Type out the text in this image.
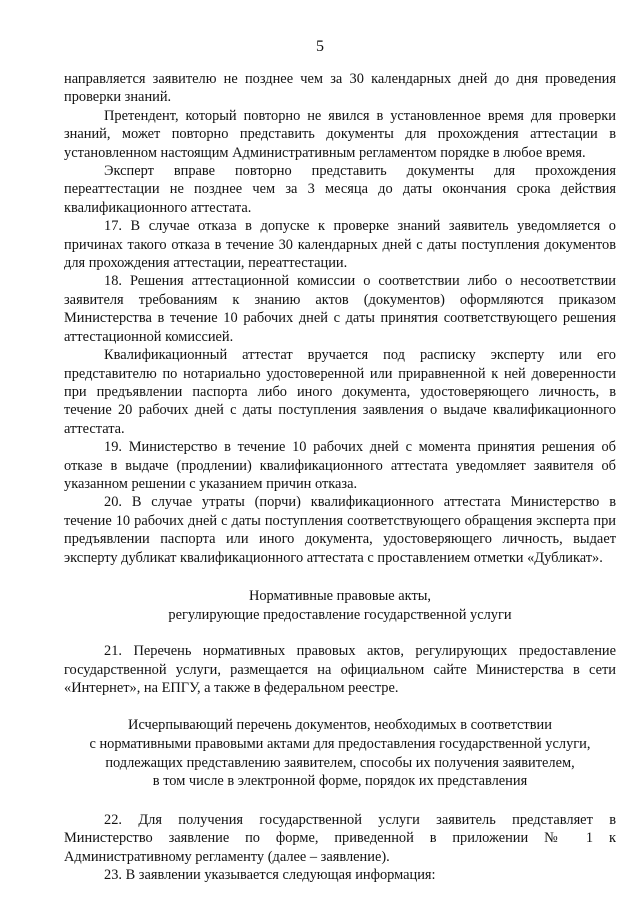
5

направляется заявителю не позднее чем за 30 календарных дней до дня проведения проверки знаний.

Претендент, который повторно не явился в установленное время для проверки знаний, может повторно представить документы для прохождения аттестации в установленном настоящим Административным регламентом порядке в любое время.

Эксперт вправе повторно представить документы для прохождения переаттестации не позднее чем за 3 месяца до даты окончания срока действия квалификационного аттестата.

17. В случае отказа в допуске к проверке знаний заявитель уведомляется о причинах такого отказа в течение 30 календарных дней с даты поступления документов для прохождения аттестации, переаттестации.

18. Решения аттестационной комиссии о соответствии либо о несоответствии заявителя требованиям к знанию актов (документов) оформляются приказом Министерства в течение 10 рабочих дней с даты принятия соответствующего решения аттестационной комиссией.

Квалификационный аттестат вручается под расписку эксперту или его представителю по нотариально удостоверенной или приравненной к ней доверенности при предъявлении паспорта либо иного документа, удостоверяющего личность, в течение 20 рабочих дней с даты поступления заявления о выдаче квалификационного аттестата.

19. Министерство в течение 10 рабочих дней с момента принятия решения об отказе в выдаче (продлении) квалификационного аттестата уведомляет заявителя об указанном решении с указанием причин отказа.

20. В случае утраты (порчи) квалификационного аттестата Министерство в течение 10 рабочих дней с даты поступления соответствующего обращения эксперта при предъявлении паспорта или иного документа, удостоверяющего личность, выдает эксперту дубликат квалификационного аттестата с проставлением отметки «Дубликат».

Нормативные правовые акты,
регулирующие предоставление государственной услуги

21. Перечень нормативных правовых актов, регулирующих предоставление государственной услуги, размещается на официальном сайте Министерства в сети «Интернет», на ЕПГУ, а также в федеральном реестре.

Исчерпывающий перечень документов, необходимых в соответствии
с нормативными правовыми актами для предоставления государственной услуги,
подлежащих представлению заявителем, способы их получения заявителем,
в том числе в электронной форме, порядок их представления

22. Для получения государственной услуги заявитель представляет в Министерство заявление по форме, приведенной в приложении № 1 к Административному регламенту (далее – заявление).

23. В заявлении указывается следующая информация:
